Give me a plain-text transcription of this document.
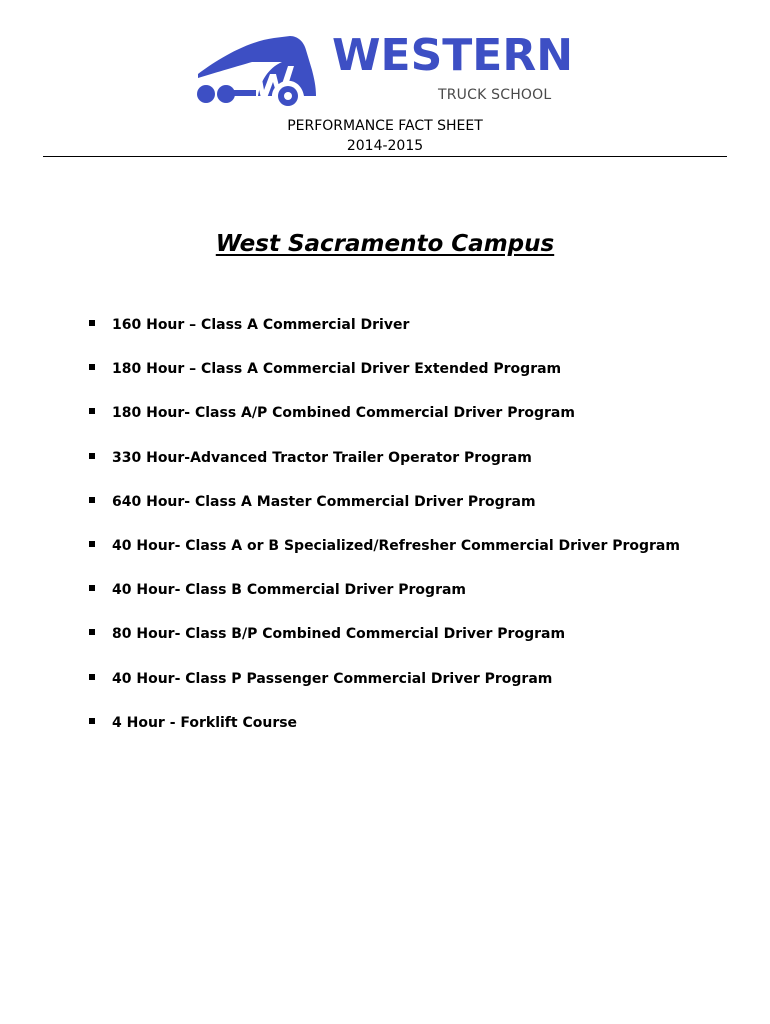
WESTERN
TRUCK SCHOOL
PERFORMANCE FACT SHEET
2014-2015
West Sacramento Campus
160 Hour – Class A Commercial Driver
180 Hour – Class A Commercial Driver Extended Program
180 Hour- Class A/P Combined Commercial Driver Program
330 Hour-Advanced Tractor Trailer Operator Program
640 Hour- Class A Master Commercial Driver Program
40 Hour- Class A or B Specialized/Refresher Commercial Driver Program
40 Hour- Class B Commercial Driver Program
80 Hour- Class B/P Combined Commercial Driver Program
40 Hour- Class P Passenger Commercial Driver Program
4 Hour - Forklift Course
